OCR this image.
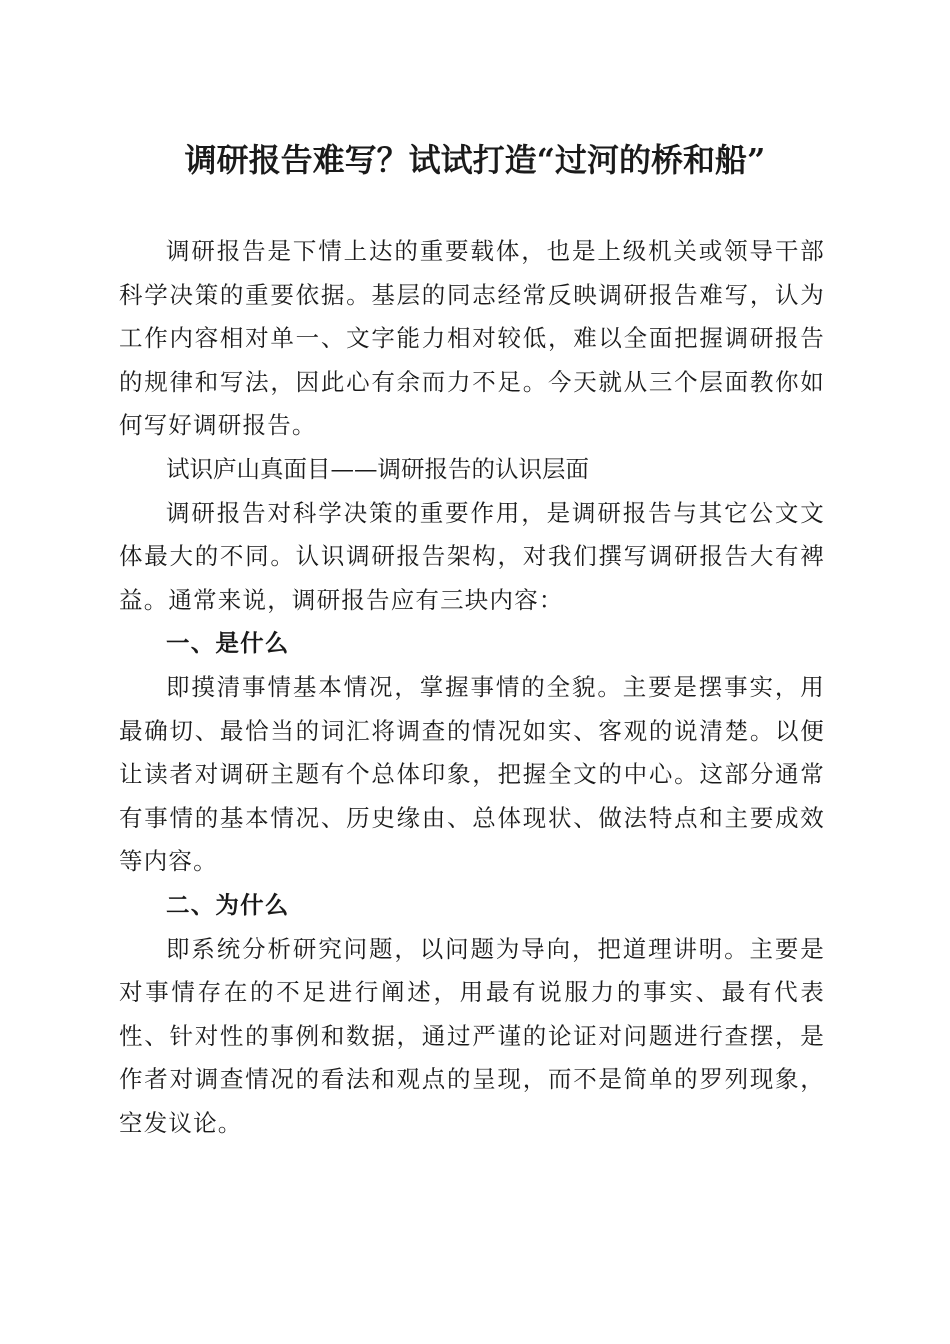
调研报告难写？试试打造“过河的桥和船”

调研报告是下情上达的重要载体，也是上级机关或领导干部科学决策的重要依据。基层的同志经常反映调研报告难写，认为工作内容相对单一、文字能力相对较低，难以全面把握调研报告的规律和写法，因此心有余而力不足。今天就从三个层面教你如何写好调研报告。

试识庐山真面目——调研报告的认识层面

调研报告对科学决策的重要作用，是调研报告与其它公文文体最大的不同。认识调研报告架构，对我们撰写调研报告大有裨益。通常来说，调研报告应有三块内容：

一、是什么

即摸清事情基本情况，掌握事情的全貌。主要是摆事实，用最确切、最恰当的词汇将调查的情况如实、客观的说清楚。以便让读者对调研主题有个总体印象，把握全文的中心。这部分通常有事情的基本情况、历史缘由、总体现状、做法特点和主要成效等内容。

二、为什么

即系统分析研究问题，以问题为导向，把道理讲明。主要是对事情存在的不足进行阐述，用最有说服力的事实、最有代表性、针对性的事例和数据，通过严谨的论证对问题进行查摆，是作者对调查情况的看法和观点的呈现，而不是简单的罗列现象，空发议论。
